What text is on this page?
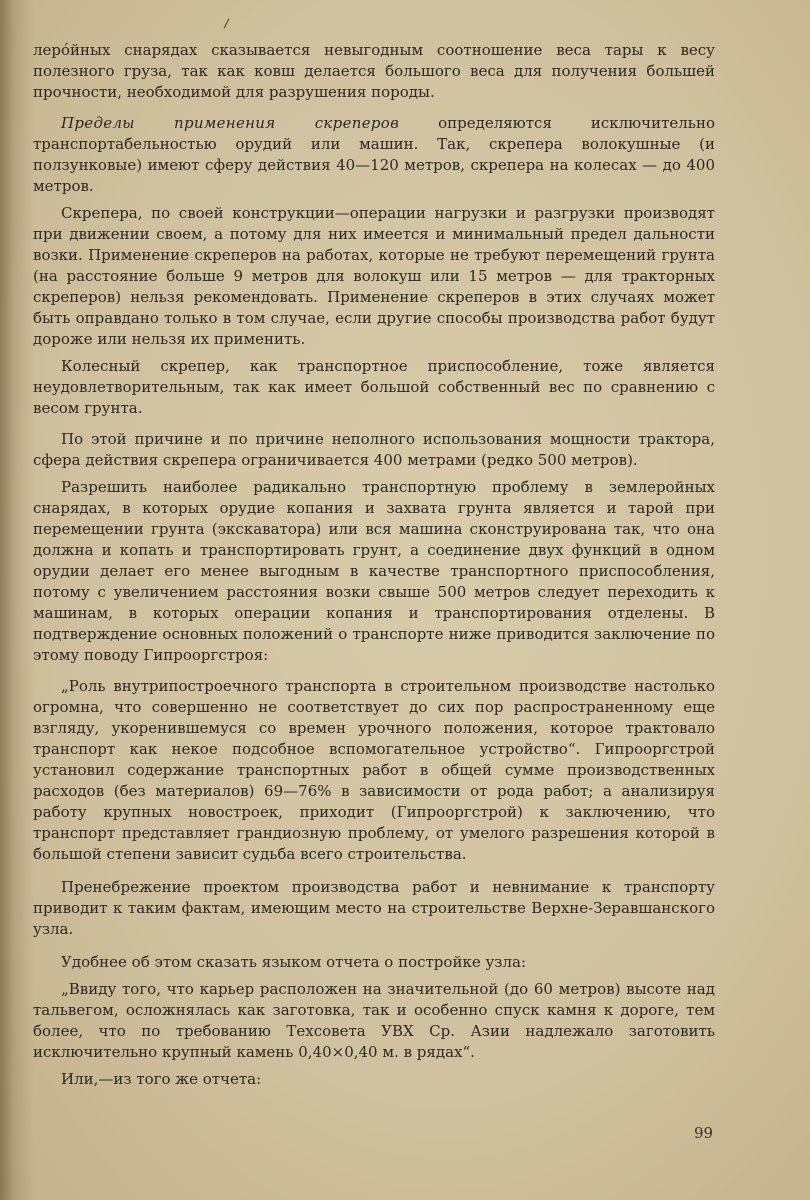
лерóйных снарядах сказывается невыгодным соотношение веса тары к весу полезного груза, так как ковш делается большого веса для получения большей прочности, необходимой для разрушения породы.

Пределы применения скреперов определяются исключительно транспортабельностью орудий или машин. Так, скрепера волокушные (и ползунковые) имеют сферу действия 40—120 метров, скрепера на колесах — до 400 метров.

Скрепера, по своей конструкции—операции нагрузки и разгрузки производят при движении своем, а потому для них имеется и минимальный предел дальности возки. Применение скреперов на работах, которые не требуют перемещений грунта (на расстояние больше 9 метров для волокуш или 15 метров — для тракторных скреперов) нельзя рекомендовать. Применение скреперов в этих случаях может быть оправдано только в том случае, если другие способы производства работ будут дороже или нельзя их применить.

Колесный скрепер, как транспортное приспособление, тоже является неудовлетворительным, так как имеет большой собственный вес по сравнению с весом грунта.

По этой причине и по причине неполного использования мощности трактора, сфера действия скрепера ограничивается 400 метрами (редко 500 метров).

Разрешить наиболее радикально транспортную проблему в землеройных снарядах, в которых орудие копания и захвата грунта является и тарой при перемещении грунта (экскаватора) или вся машина сконструирована так, что она должна и копать и транспортировать грунт, а соединение двух функций в одном орудии делает его менее выгодным в качестве транспортного приспособления, потому с увеличением расстояния возки свыше 500 метров следует переходить к машинам, в которых операции копания и транспортирования отделены. В подтверждение основных положений о транспорте ниже приводится заключение по этому поводу Гипрооргстроя:

„Роль внутрипостроечного транспорта в строительном производстве настолько огромна, что совершенно не соответствует до сих пор распространенному еще взгляду, укоренившемуся со времен урочного положения, которое трактовало транспорт как некое подсобное вспомогательное устройство“. Гипрооргстрой установил содержание транспортных работ в общей сумме производственных расходов (без материалов) 69—76% в зависимости от рода работ; а анализируя работу крупных новостроек, приходит (Гипрооргстрой) к заключению, что транспорт представляет грандиозную проблему, от умелого разрешения которой в большой степени зависит судьба всего строительства.

Пренебрежение проектом производства работ и невнимание к транспорту приводит к таким фактам, имеющим место на строительстве Верхне-Зеравшанского узла.

Удобнее об этом сказать языком отчета о постройке узла:

„Ввиду того, что карьер расположен на значительной (до 60 метров) высоте над тальвегом, осложнялась как заготовка, так и особенно спуск камня к дороге, тем более, что по требованию Техсовета УВХ Ср. Азии надлежало заготовить исключительно крупный камень 0,40×0,40 м. в рядах“.

Или,—из того же отчета:

99
